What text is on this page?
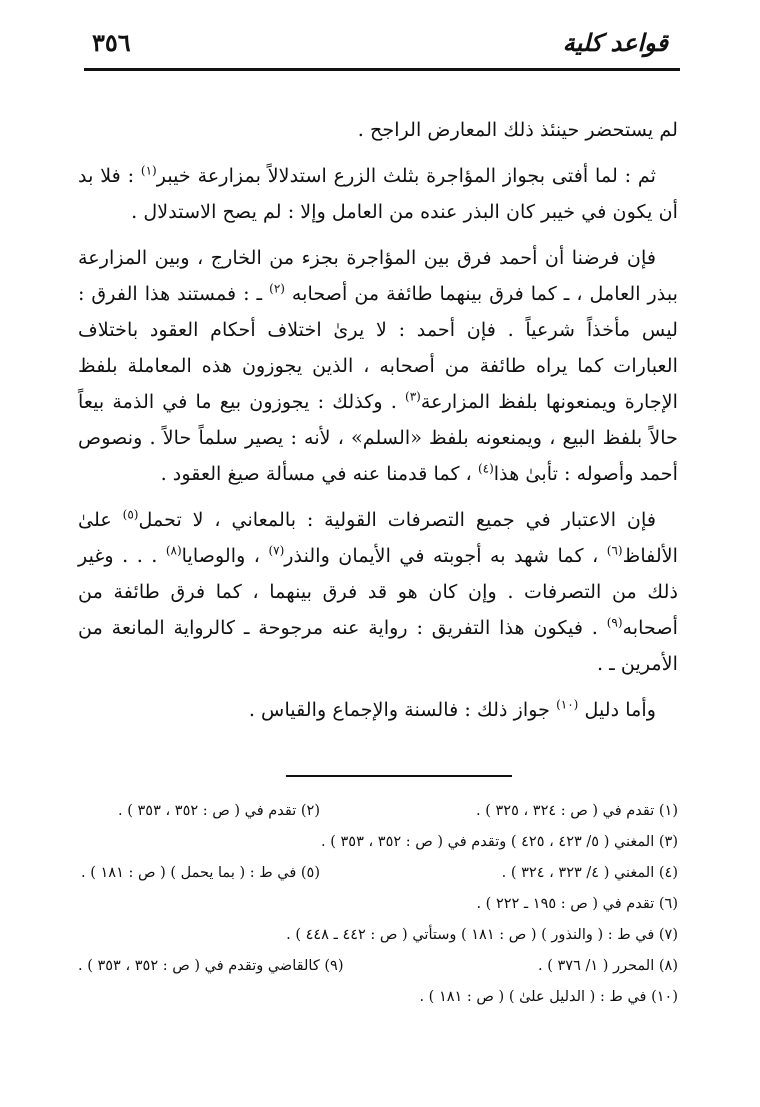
قواعد كلية
٣٥٦

لم يستحضر حينئذ ذلك المعارض الراجح .

ثم : لما أفتى بجواز المؤاجرة بثلث الزرع استدلالاً بمزارعة خيبر$^{(١)}$ : فلا بد أن يكون في خيبر كان البذر عنده من العامل وإلا : لم يصح الاستدلال .

فإن فرضنا أن أحمد فرق بين المؤاجرة بجزء من الخارج ، وبين المزارعة ببذر العامل ، ـ كما فرق بينهما طائفة من أصحابه $^{(٢)}$ ـ : فمستند هذا الفرق : ليس مأخذاً شرعياً . فإن أحمد : لا يرىٰ اختلاف أحكام العقود باختلاف العبارات كما يراه طائفة من أصحابه ، الذين يجوزون هذه المعاملة بلفظ الإجارة ويمنعونها بلفظ المزارعة$^{(٣)}$ . وكذلك : يجوزون بيع ما في الذمة بيعاً حالاً بلفظ البيع ، ويمنعونه بلفظ «السلم» ، لأنه : يصير سلماً حالاً . ونصوص أحمد وأصوله : تأبىٰ هذا$^{(٤)}$ ، كما قدمنا عنه في مسألة صيغ العقود .

فإن الاعتبار في جميع التصرفات القولية : بالمعاني ، لا تحمل$^{(٥)}$ علىٰ الألفاظ$^{(٦)}$ ، كما شهد به أجوبته في الأيمان والنذر$^{(٧)}$ ، والوصايا$^{(٨)}$ . . . وغير ذلك من التصرفات . وإن كان هو قد فرق بينهما ، كما فرق طائفة من أصحابه$^{(٩)}$ . فيكون هذا التفريق : رواية عنه مرجوحة ـ كالرواية المانعة من الأمرين ـ .

وأما دليل $^{(١٠)}$ جواز ذلك : فالسنة والإجماع والقياس .

(١) تقدم في ( ص : ٣٢٤ ، ٣٢٥ ) .
(٢) تقدم في ( ص : ٣٥٢ ، ٣٥٣ ) .
(٣) المغني ( ٥/ ٤٢٣ ، ٤٢٥ ) وتقدم في ( ص : ٣٥٢ ، ٣٥٣ ) .
(٤) المغني ( ٤/ ٣٢٣ ، ٣٢٤ ) .
(٥) في ط : ( بما يحمل ) ( ص : ١٨١ ) .
(٦) تقدم في ( ص : ١٩٥ ـ ٢٢٢ ) .
(٧) في ط : ( والنذور ) ( ص : ١٨١ ) وستأتي ( ص : ٤٤٢ ـ ٤٤٨ ) .
(٨) المحرر ( ١/ ٣٧٦ ) .
(٩) كالقاضي وتقدم في ( ص : ٣٥٢ ، ٣٥٣ ) .
(١٠) في ط : ( الدليل علىٰ ) ( ص : ١٨١ ) .
